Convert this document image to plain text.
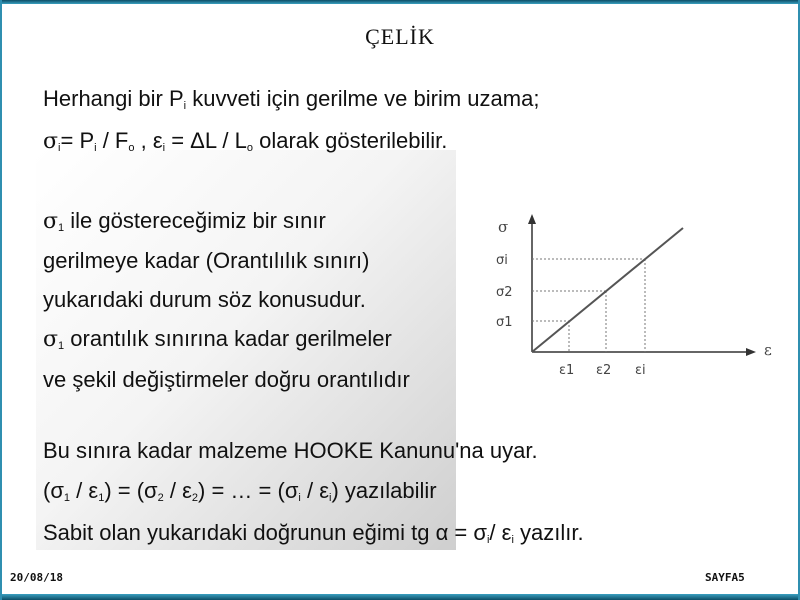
ÇELİK
Herhangi bir $P_i$ kuvveti için gerilme ve birim uzama;
$\sigma_i= P_i / F_o$ , $\varepsilon_i = \Delta L / L_o$ olarak gösterilebilir.
$\sigma_1$ ile göstereceğimiz bir sınır
gerilmeye kadar (Orantılılık sınırı)
yukarıdaki durum söz konusudur.
$\sigma_1$ orantılık sınırına kadar gerilmeler
ve şekil değiştirmeler doğru orantılıdır
Bu sınıra kadar malzeme HOOKE Kanunu'na uyar.
$(\sigma_1 / \varepsilon_1) = (\sigma_2 / \varepsilon_2)$ = … = $(\sigma_i / \varepsilon_i)$ yazılabilir
Sabit olan yukarıdaki doğrunun eğimi tg $\alpha = \sigma_i/$ $\varepsilon_i$ yazılır.
σ
ε
σi
σ2
σ1
ε1 ε2 εi
20/08/18	SAYFA5
